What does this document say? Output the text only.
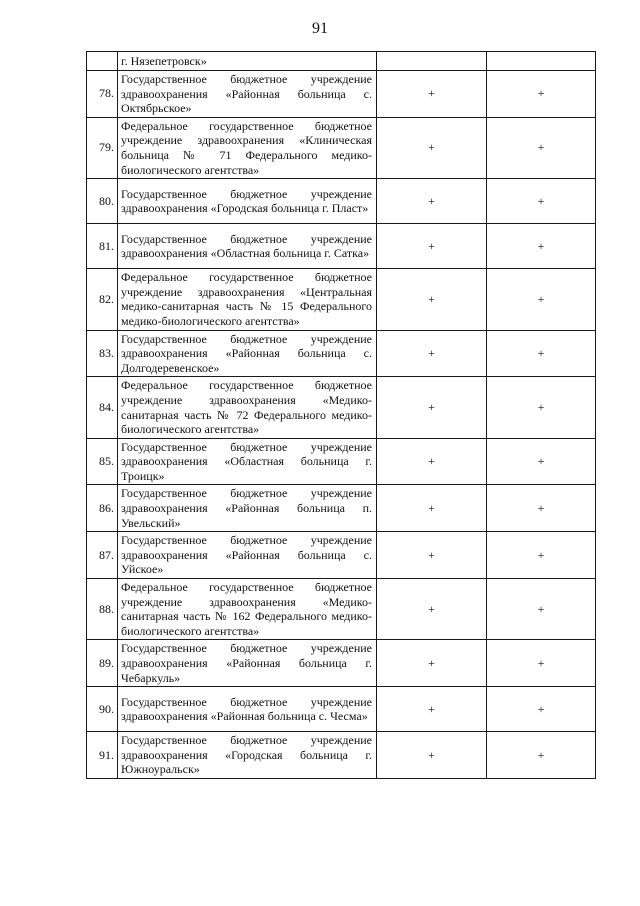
91
	г. Нязепетровск»		
78.	Государственное бюджетное учреждение здравоохранения «Районная больница с. Октябрьское»	+	+
79.	Федеральное государственное бюджетное учреждение здравоохранения «Клиническая больница № 71 Федерального медико-биологического агентства»	+	+
80.	Государственное бюджетное учреждение здравоохранения «Городская больница г. Пласт»	+	+
81.	Государственное бюджетное учреждение здравоохранения «Областная больница г. Сатка»	+	+
82.	Федеральное государственное бюджетное учреждение здравоохранения «Центральная медико-санитарная часть № 15 Федерального медико-биологического агентства»	+	+
83.	Государственное бюджетное учреждение здравоохранения «Районная больница с. Долгодеревенское»	+	+
84.	Федеральное государственное бюджетное учреждение здравоохранения «Медико-санитарная часть № 72 Федерального медико-биологического агентства»	+	+
85.	Государственное бюджетное учреждение здравоохранения «Областная больница г. Троицк»	+	+
86.	Государственное бюджетное учреждение здравоохранения «Районная больница п. Увельский»	+	+
87.	Государственное бюджетное учреждение здравоохранения «Районная больница с. Уйское»	+	+
88.	Федеральное государственное бюджетное учреждение здравоохранения «Медико-санитарная часть № 162 Федерального медико-биологического агентства»	+	+
89.	Государственное бюджетное учреждение здравоохранения «Районная больница г. Чебаркуль»	+	+
90.	Государственное бюджетное учреждение здравоохранения «Районная больница с. Чесма»	+	+
91.	Государственное бюджетное учреждение здравоохранения «Городская больница г. Южноуральск»	+	+
